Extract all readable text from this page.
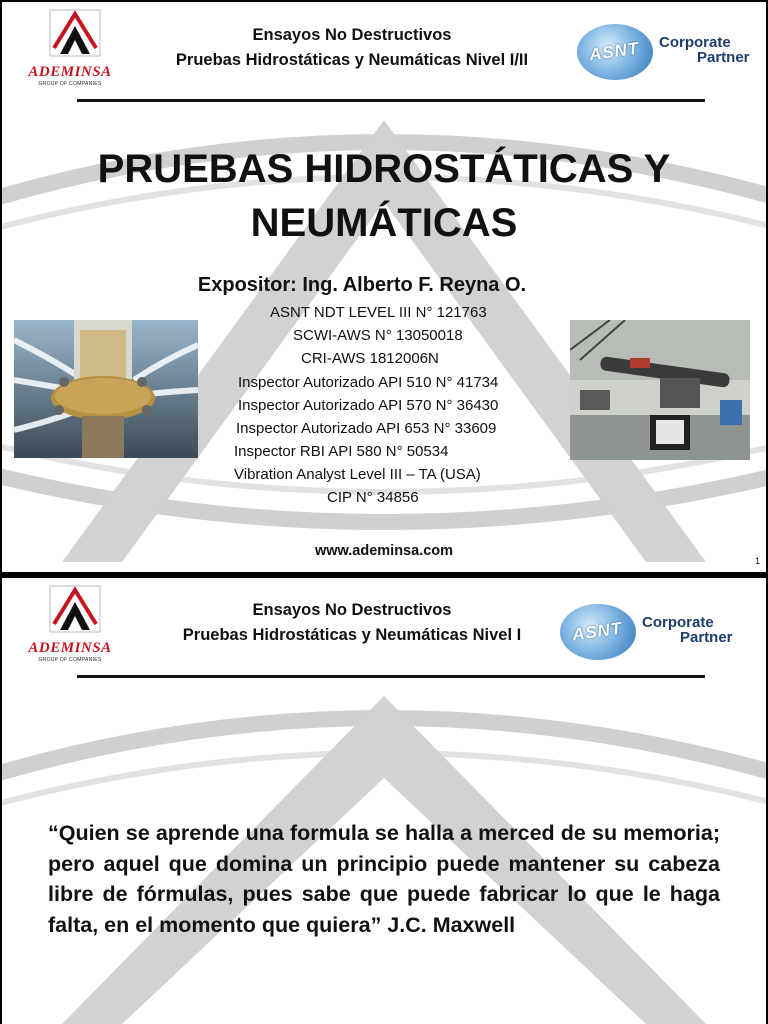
ADEMINSA
GROUP OF COMPANIES
Ensayos No Destructivos
Pruebas Hidrostáticas y Neumáticas Nivel I/II	ASNT Corporate
Partner
PRUEBAS HIDROSTÁTICAS Y
NEUMÁTICAS
Expositor: Ing. Alberto F. Reyna O.
ASNT NDT LEVEL III N° 121763
SCWI-AWS N° 13050018
CRI-AWS 1812006N
Inspector Autorizado API 510 N° 41734
Inspector Autorizado API 570 N° 36430
Inspector Autorizado API 653 N° 33609
Inspector RBI API 580 N° 50534
Vibration Analyst Level III – TA (USA)
CIP N° 34856
www.ademinsa.com
1
ADEMINSA
GROUP OF COMPANIES
Ensayos No Destructivos
Pruebas Hidrostáticas y Neumáticas Nivel I	ASNT Corporate
Partner
“Quien se aprende una formula se halla a merced de su memoria; pero aquel que domina un principio puede mantener su cabeza libre de fórmulas, pues sabe que puede fabricar lo que le haga falta, en el momento que quiera” J.C. Maxwell
